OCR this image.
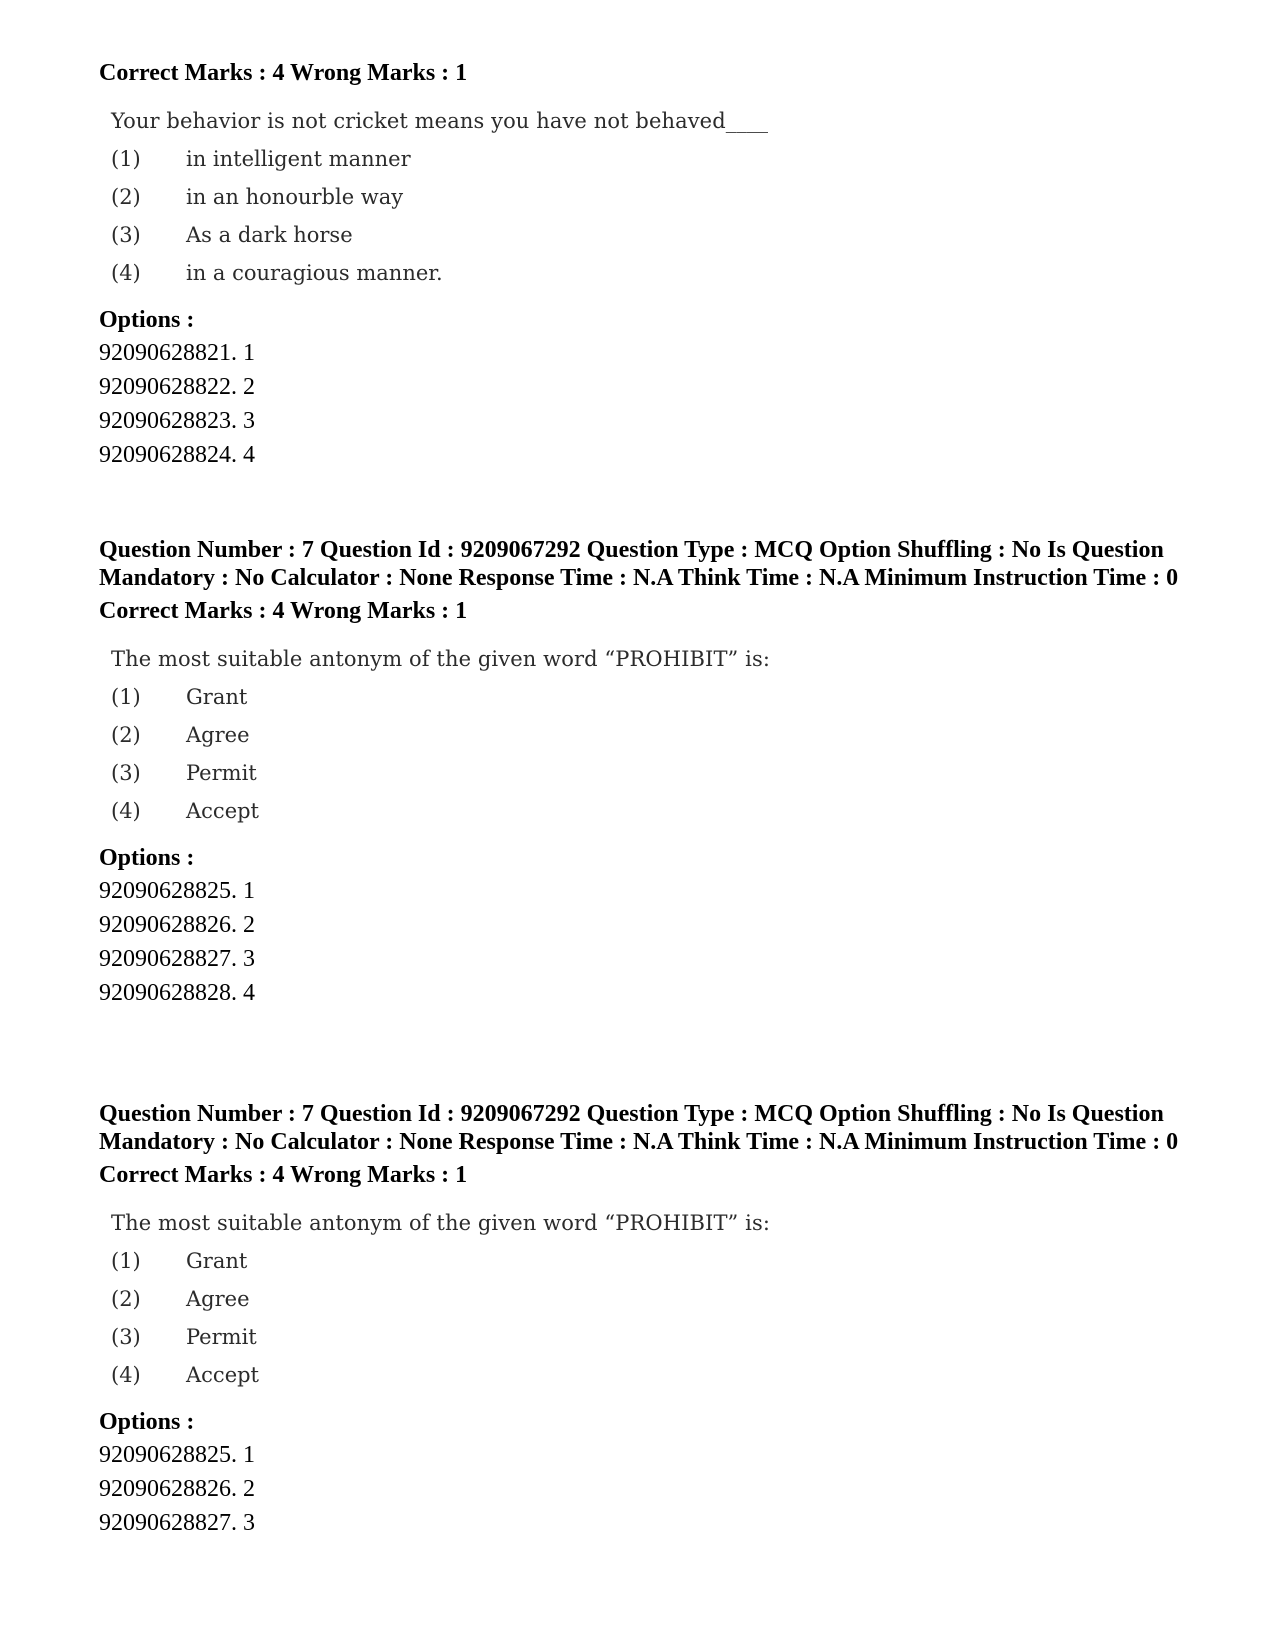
Correct Marks : 4 Wrong Marks : 1
Your behavior is not cricket means you have not behaved____
(1)	in intelligent manner
(2)	in an honourble way
(3)	As a dark horse
(4)	in a couragious manner.
Options :
92090628821. 1
92090628822. 2
92090628823. 3
92090628824. 4
Question Number : 7 Question Id : 9209067292 Question Type : MCQ Option Shuffling : No Is Question Mandatory : No Calculator : None Response Time : N.A Think Time : N.A Minimum Instruction Time : 0
Correct Marks : 4 Wrong Marks : 1
The most suitable antonym of the given word “PROHIBIT” is:
(1)	Grant
(2)	Agree
(3)	Permit
(4)	Accept
Options :
92090628825. 1
92090628826. 2
92090628827. 3
92090628828. 4
Question Number : 7 Question Id : 9209067292 Question Type : MCQ Option Shuffling : No Is Question Mandatory : No Calculator : None Response Time : N.A Think Time : N.A Minimum Instruction Time : 0
Correct Marks : 4 Wrong Marks : 1
The most suitable antonym of the given word “PROHIBIT” is:
(1)	Grant
(2)	Agree
(3)	Permit
(4)	Accept
Options :
92090628825. 1
92090628826. 2
92090628827. 3
